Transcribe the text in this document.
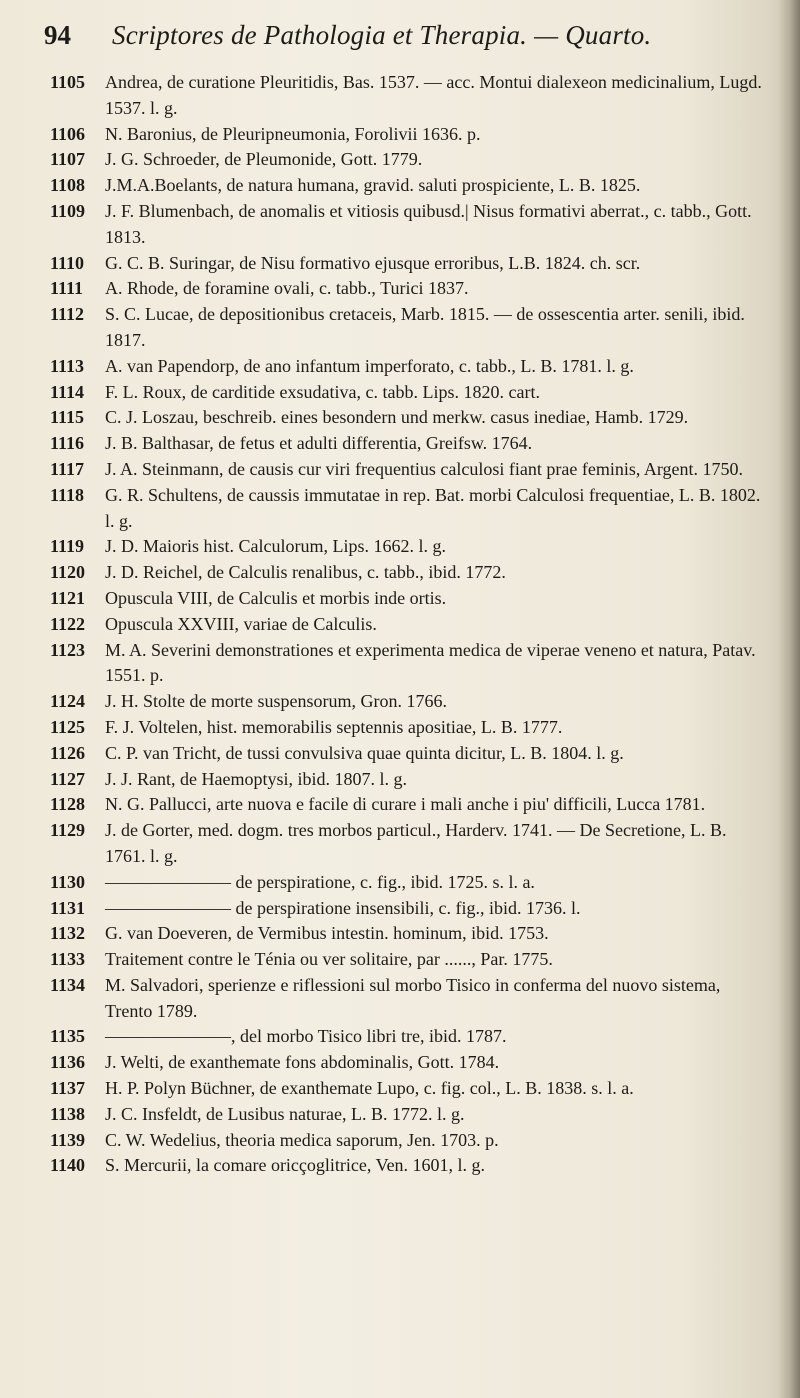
94 Scriptores de Pathologia et Therapia. — Quarto.
1105	Andrea, de curatione Pleuritidis, Bas. 1537. — acc. Montui dialexeon medicinalium, Lugd. 1537. l. g.
1106	N. Baronius, de Pleuripneumonia, Forolivii 1636. p.
1107	J. G. Schroeder, de Pleumonide, Gott. 1779.
1108	J.M.A.Boelants, de natura humana, gravid. saluti prospiciente, L. B. 1825.
1109	J. F. Blumenbach, de anomalis et vitiosis quibusd.| Nisus formativi aberrat., c. tabb., Gott. 1813.
1110	G. C. B. Suringar, de Nisu formativo ejusque erroribus, L.B. 1824. ch. scr.
1111	A. Rhode, de foramine ovali, c. tabb., Turici 1837.
1112	S. C. Lucae, de depositionibus cretaceis, Marb. 1815. — de ossescentia arter. senili, ibid. 1817.
1113	A. van Papendorp, de ano infantum imperforato, c. tabb., L. B. 1781. l. g.
1114	F. L. Roux, de carditide exsudativa, c. tabb. Lips. 1820. cart.
1115	C. J. Loszau, beschreib. eines besondern und merkw. casus inediae, Hamb. 1729.
1116	J. B. Balthasar, de fetus et adulti differentia, Greifsw. 1764.
1117	J. A. Steinmann, de causis cur viri frequentius calculosi fiant prae feminis, Argent. 1750.
1118	G. R. Schultens, de caussis immutatae in rep. Bat. morbi Calculosi frequentiae, L. B. 1802. l. g.
1119	J. D. Maioris hist. Calculorum, Lips. 1662. l. g.
1120	J. D. Reichel, de Calculis renalibus, c. tabb., ibid. 1772.
1121	Opuscula VIII, de Calculis et morbis inde ortis.
1122	Opuscula XXVIII, variae de Calculis.
1123	M. A. Severini demonstrationes et experimenta medica de viperae veneno et natura, Patav. 1551. p.
1124	J. H. Stolte de morte suspensorum, Gron. 1766.
1125	F. J. Voltelen, hist. memorabilis septennis apositiae, L. B. 1777.
1126	C. P. van Tricht, de tussi convulsiva quae quinta dicitur, L. B. 1804. l. g.
1127	J. J. Rant, de Haemoptysi, ibid. 1807. l. g.
1128	N. G. Pallucci, arte nuova e facile di curare i mali anche i piu' difficili, Lucca 1781.
1129	J. de Gorter, med. dogm. tres morbos particul., Harderv. 1741. — De Secretione, L. B. 1761. l. g.
1130	——————— de perspiratione, c. fig., ibid. 1725. s. l. a.
1131	——————— de perspiratione insensibili, c. fig., ibid. 1736. l.
1132	G. van Doeveren, de Vermibus intestin. hominum, ibid. 1753.
1133	Traitement contre le Ténia ou ver solitaire, par ......, Par. 1775.
1134	M. Salvadori, sperienze e riflessioni sul morbo Tisico in conferma del nuovo sistema, Trento 1789.
1135	———————, del morbo Tisico libri tre, ibid. 1787.
1136	J. Welti, de exanthemate fons abdominalis, Gott. 1784.
1137	H. P. Polyn Büchner, de exanthemate Lupo, c. fig. col., L. B. 1838. s. l. a.
1138	J. C. Insfeldt, de Lusibus naturae, L. B. 1772. l. g.
1139	C. W. Wedelius, theoria medica saporum, Jen. 1703. p.
1140	S. Mercurii, la comare oricçoglitrice, Ven. 1601, l. g.
